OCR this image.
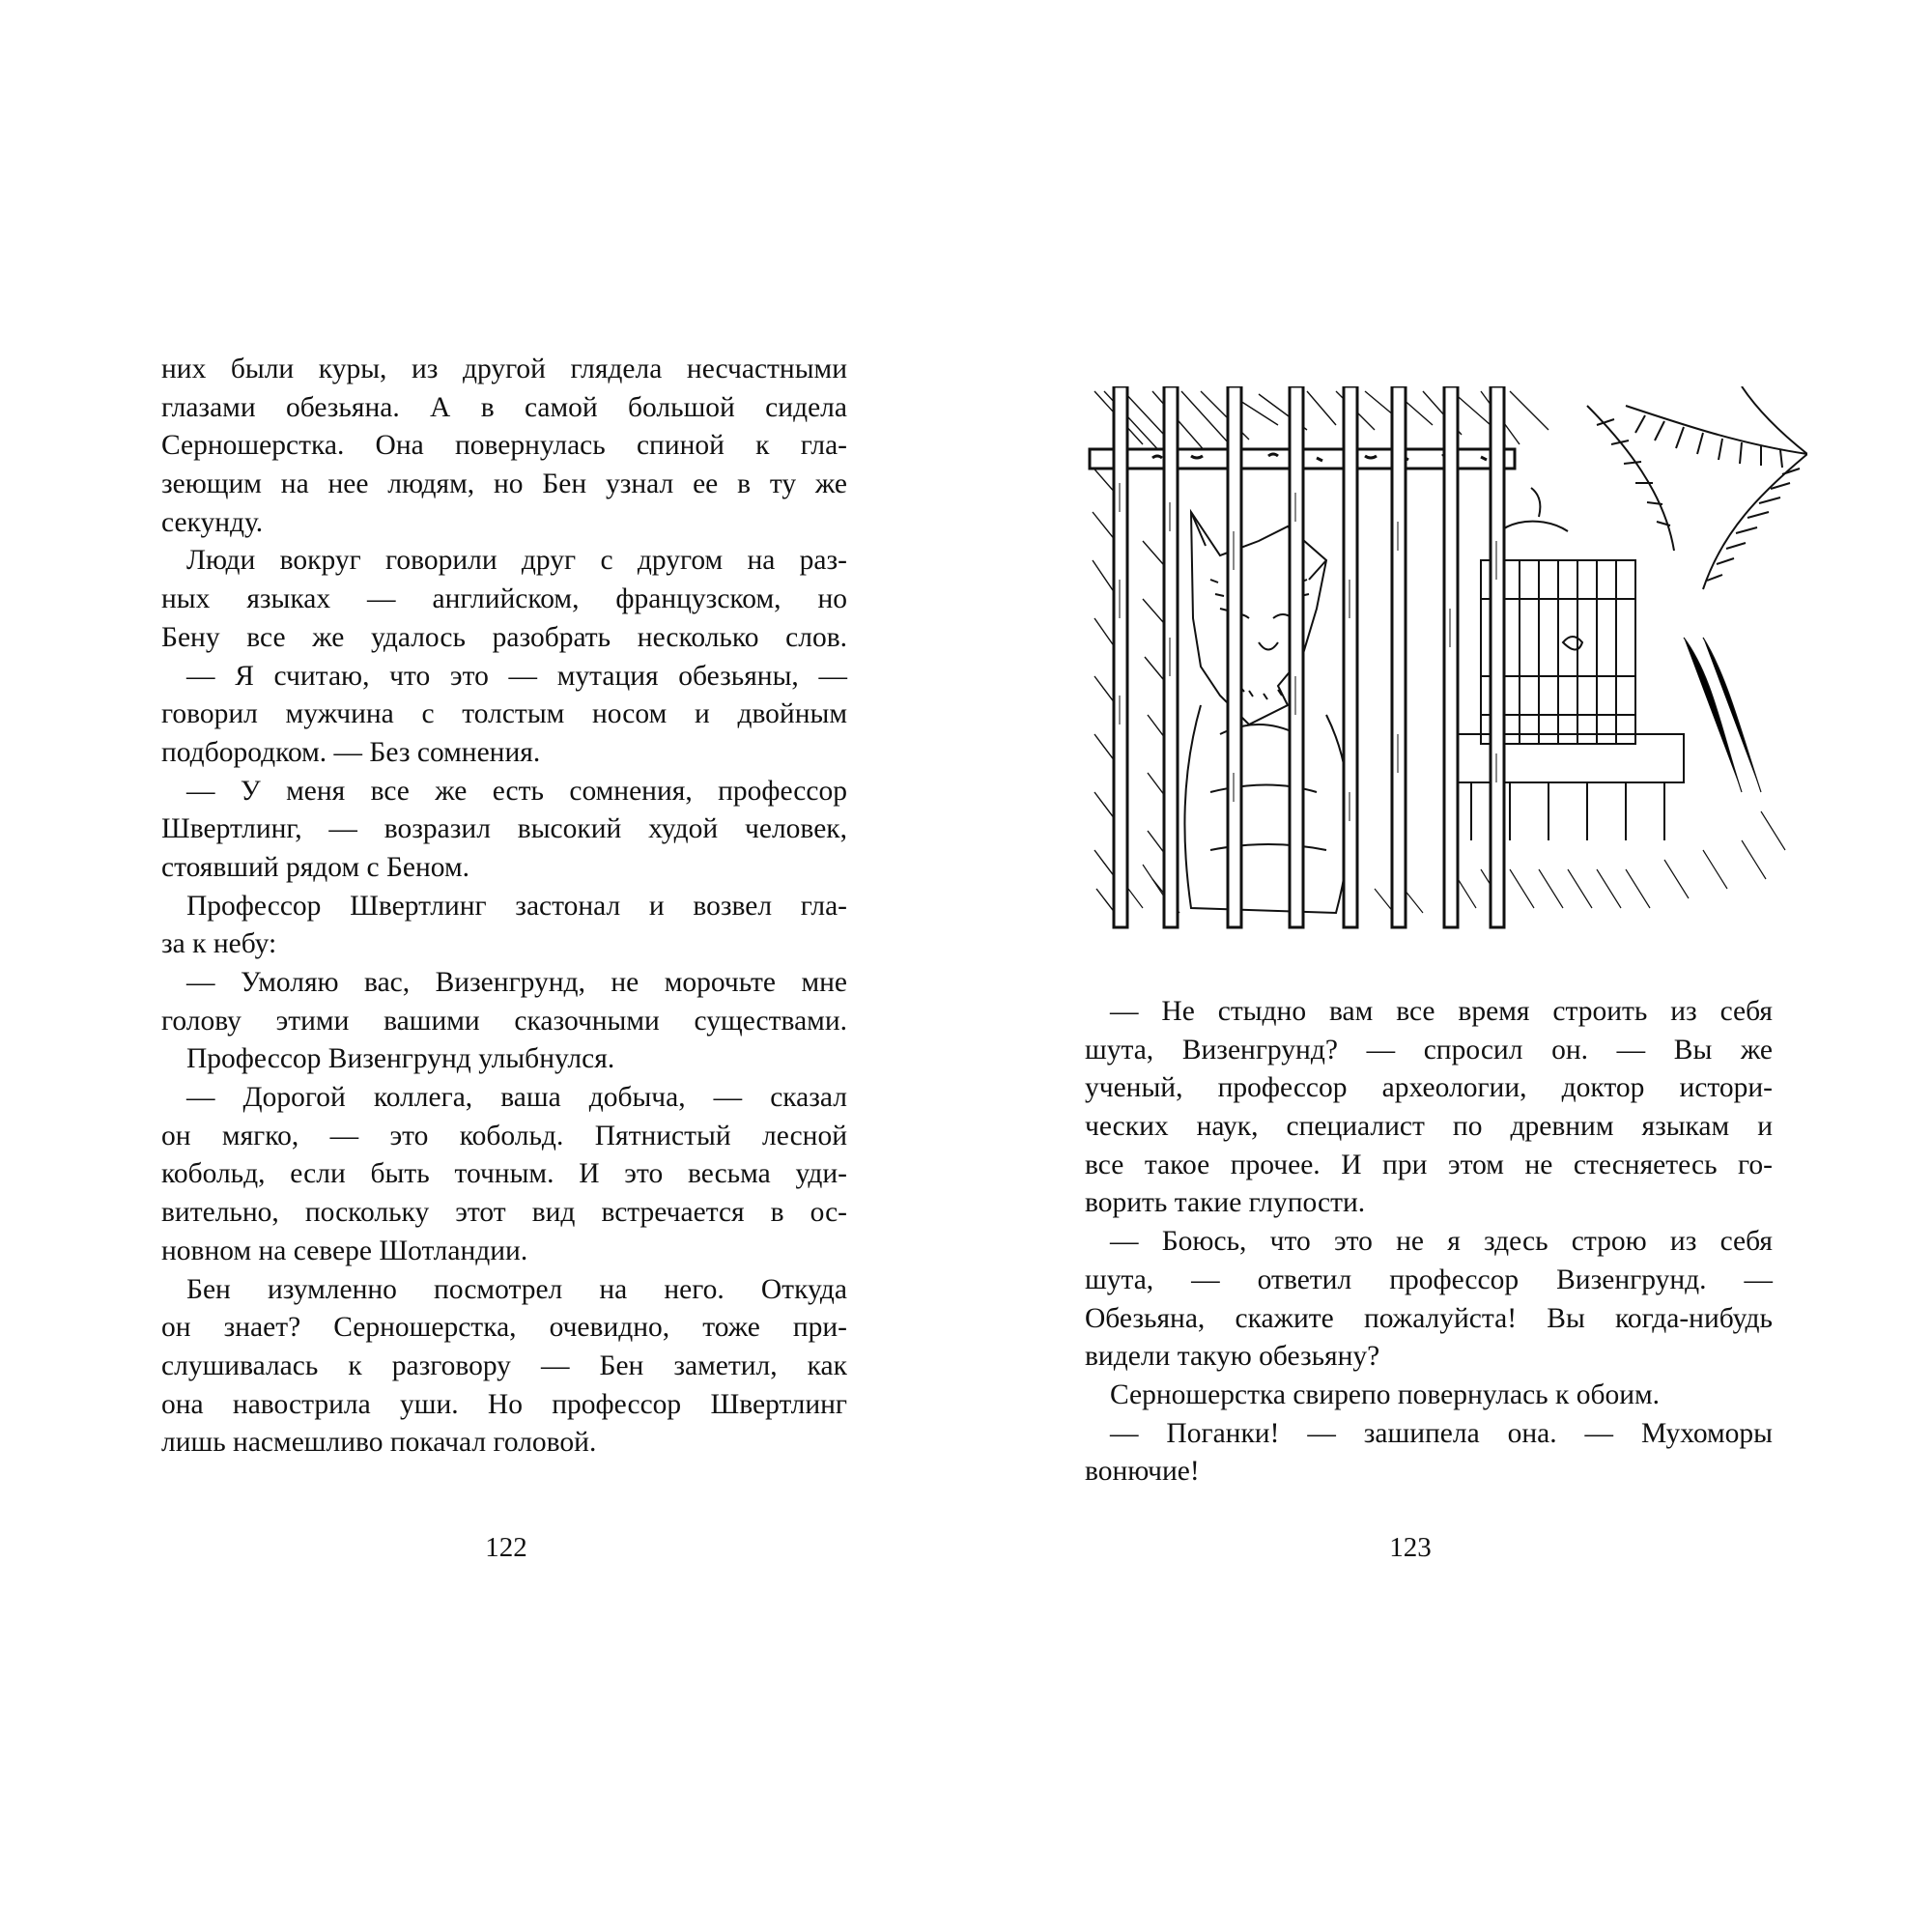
них были куры, из другой глядела несчастными
глазами обезьяна. А в самой большой сидела
Серношерстка. Она повернулась спиной к гла-
зеющим на нее людям, но Бен узнал ее в ту же
секунду.
Люди вокруг говорили друг с другом на раз-
ных языках — английском, французском, но
Бену все же удалось разобрать несколько слов.
— Я считаю, что это — мутация обезьяны, —
говорил мужчина с толстым носом и двойным
подбородком. — Без сомнения.
— У меня все же есть сомнения, профессор
Швертлинг, — возразил высокий худой человек,
стоявший рядом с Беном.
Профессор Швертлинг застонал и возвел гла-
за к небу:
— Умоляю вас, Визенгрунд, не морочьте мне
голову этими вашими сказочными существами.
Профессор Визенгрунд улыбнулся.
— Дорогой коллега, ваша добыча, — сказал
он мягко, — это кобольд. Пятнистый лесной
кобольд, если быть точным. И это весьма уди-
вительно, поскольку этот вид встречается в ос-
новном на севере Шотландии.
Бен изумленно посмотрел на него. Откуда
он знает? Серношерстка, очевидно, тоже при-
слушивалась к разговору — Бен заметил, как
она навострила уши. Но профессор Швертлинг
лишь насмешливо покачал головой.
122
— Не стыдно вам все время строить из себя
шута, Визенгрунд? — спросил он. — Вы же
ученый, профессор археологии, доктор истори-
ческих наук, специалист по древним языкам и
все такое прочее. И при этом не стесняетесь го-
ворить такие глупости.
— Боюсь, что это не я здесь строю из себя
шута, — ответил профессор Визенгрунд. —
Обезьяна, скажите пожалуйста! Вы когда-нибудь
видели такую обезьяну?
Серношерстка свирепо повернулась к обоим.
— Поганки! — зашипела она. — Мухоморы
вонючие!
123
